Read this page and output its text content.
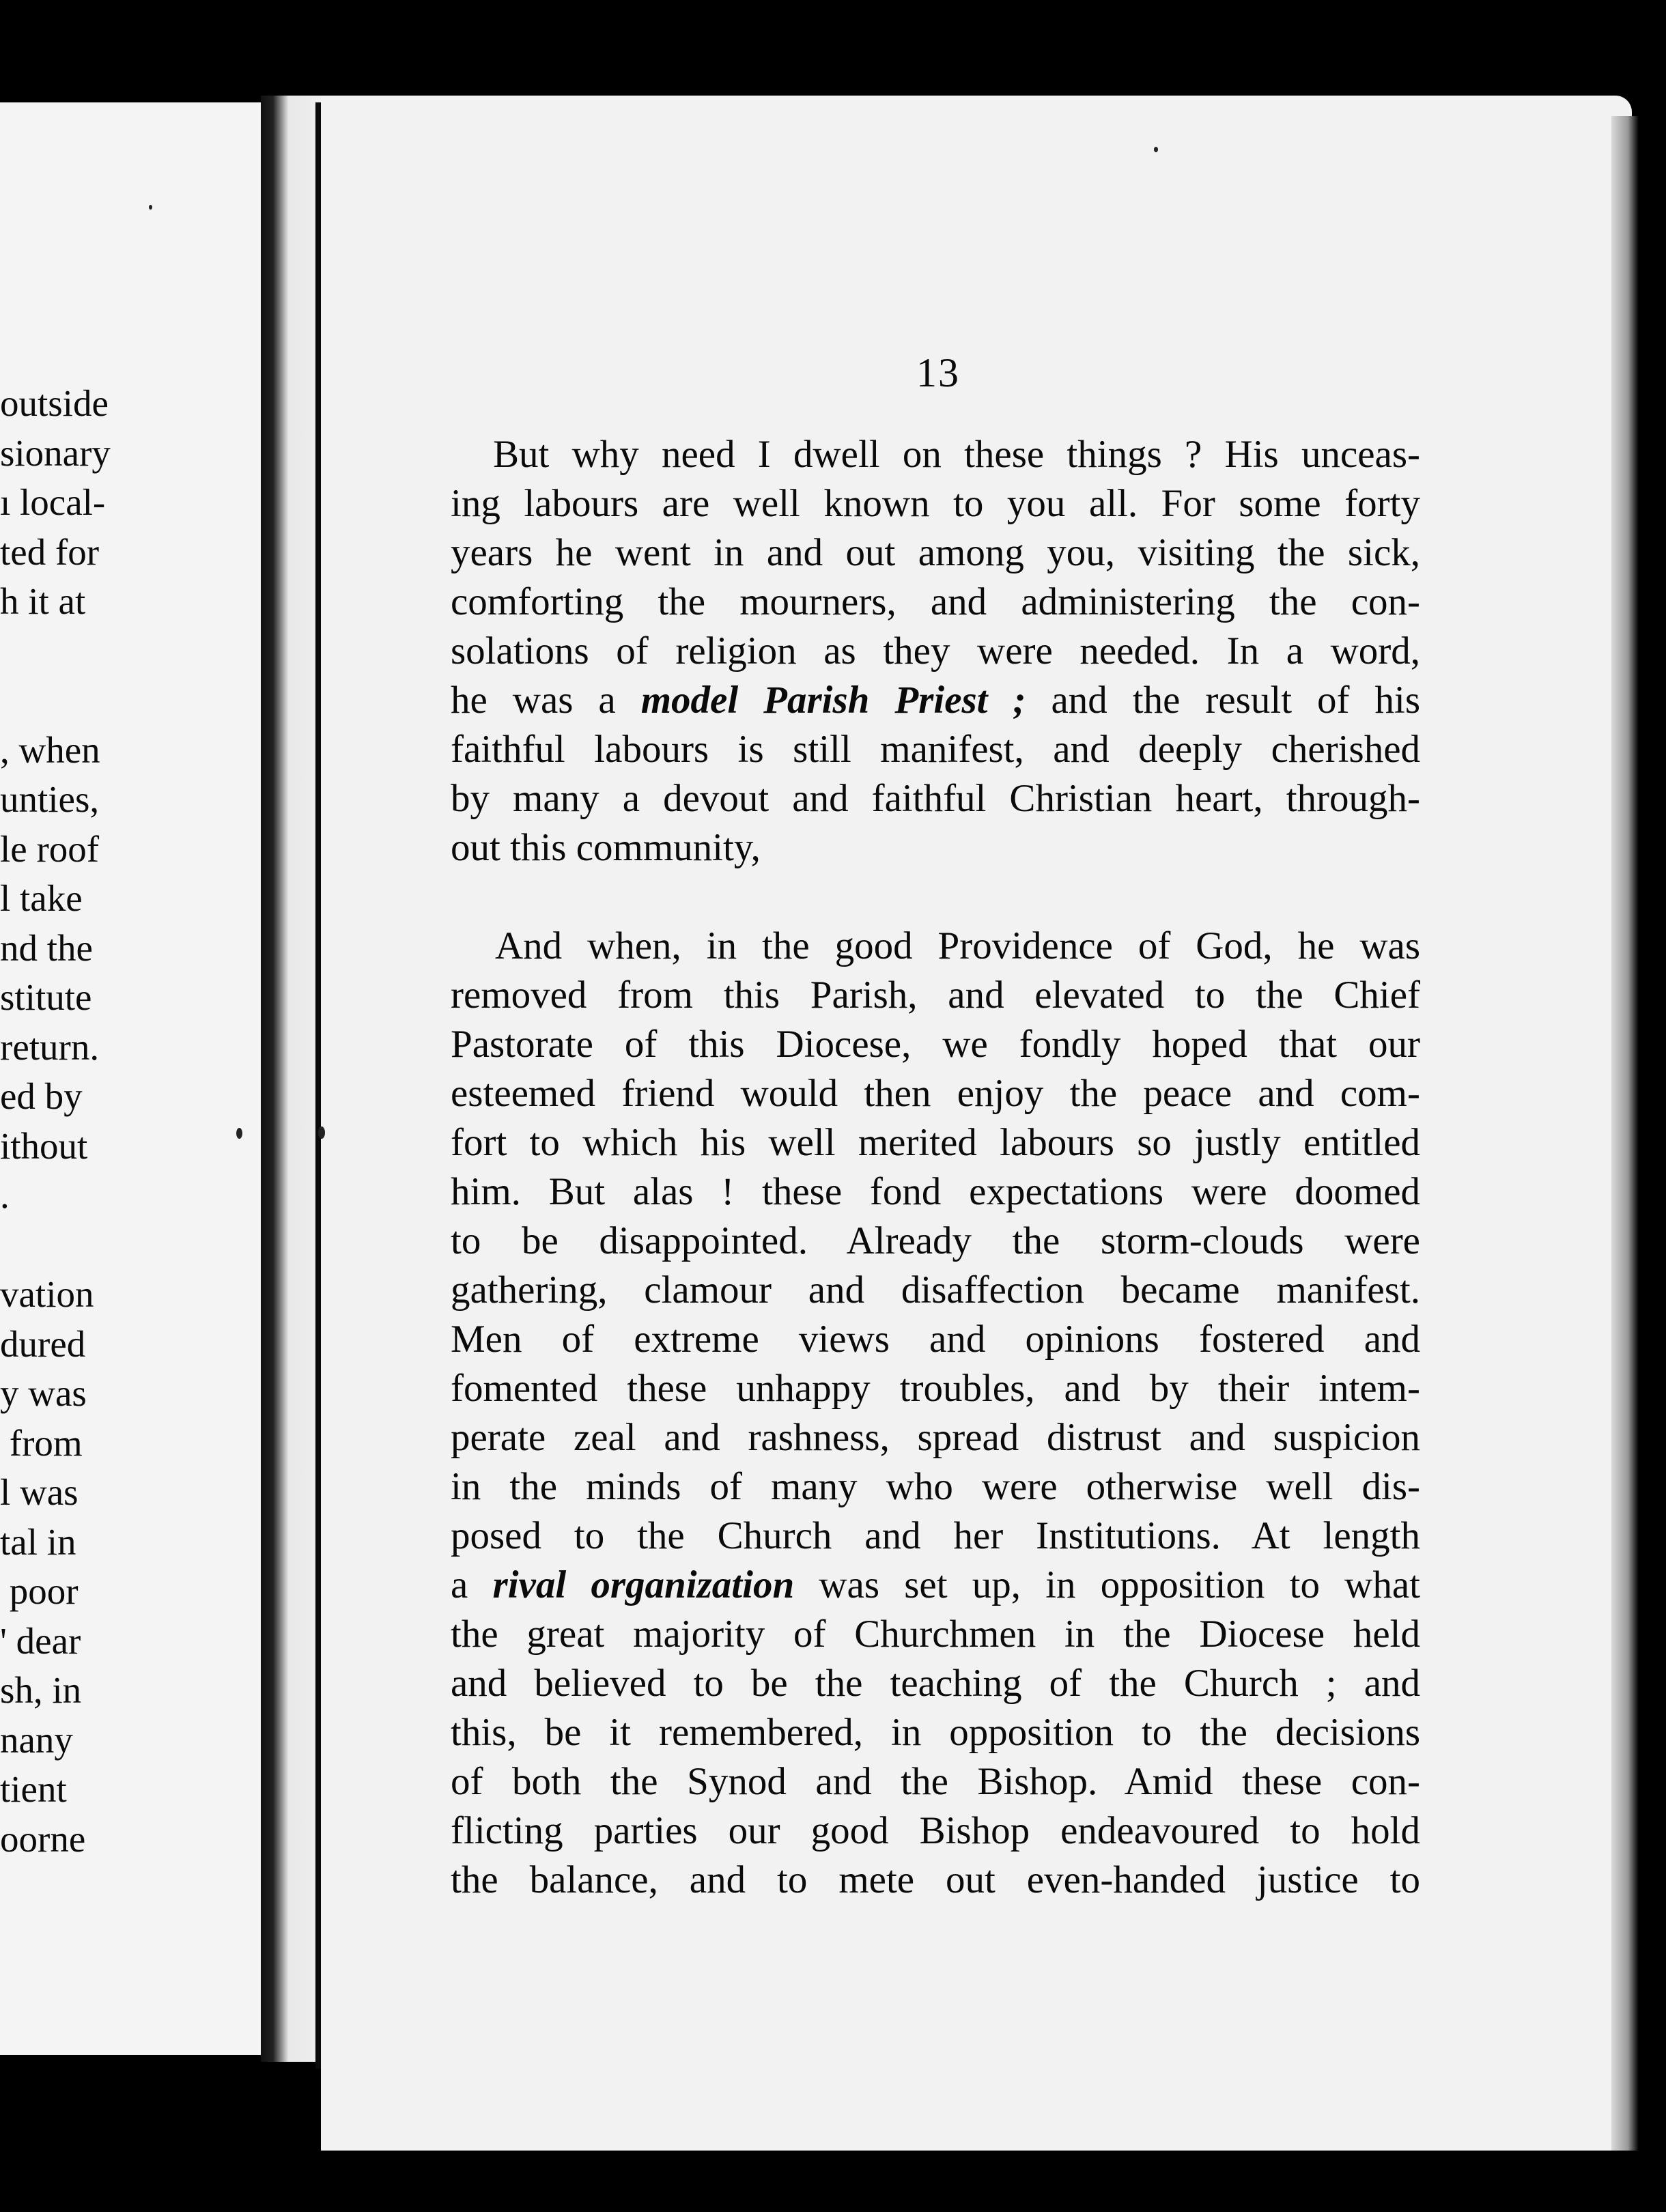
outside
sionary
ı local-
ted for
h it at
, when
unties,
le roof
l take
nd the
stitute
return.
ed by
ithout
.
vation
dured
y was
from
l was
tal in
poor
' dear
sh, in
nany
tient
oorne
13
But why need I dwell on these things ? His unceas-
ing labours are well known to you all. For some forty
years he went in and out among you, visiting the sick,
comforting the mourners, and administering the con-
solations of religion as they were needed. In a word,
he was a model Parish Priest ; and the result of his
faithful labours is still manifest, and deeply cherished
by many a devout and faithful Christian heart, through-
out this community,
And when, in the good Providence of God, he was
removed from this Parish, and elevated to the Chief
Pastorate of this Diocese, we fondly hoped that our
esteemed friend would then enjoy the peace and com-
fort to which his well merited labours so justly entitled
him. But alas ! these fond expectations were doomed
to be disappointed. Already the storm-clouds were
gathering, clamour and disaffection became manifest.
Men of extreme views and opinions fostered and
fomented these unhappy troubles, and by their intem-
perate zeal and rashness, spread distrust and suspicion
in the minds of many who were otherwise well dis-
posed to the Church and her Institutions. At length
a rival organization was set up, in opposition to what
the great majority of Churchmen in the Diocese held
and believed to be the teaching of the Church ; and
this, be it remembered, in opposition to the decisions
of both the Synod and the Bishop. Amid these con-
flicting parties our good Bishop endeavoured to hold
the balance, and to mete out even-handed justice to
